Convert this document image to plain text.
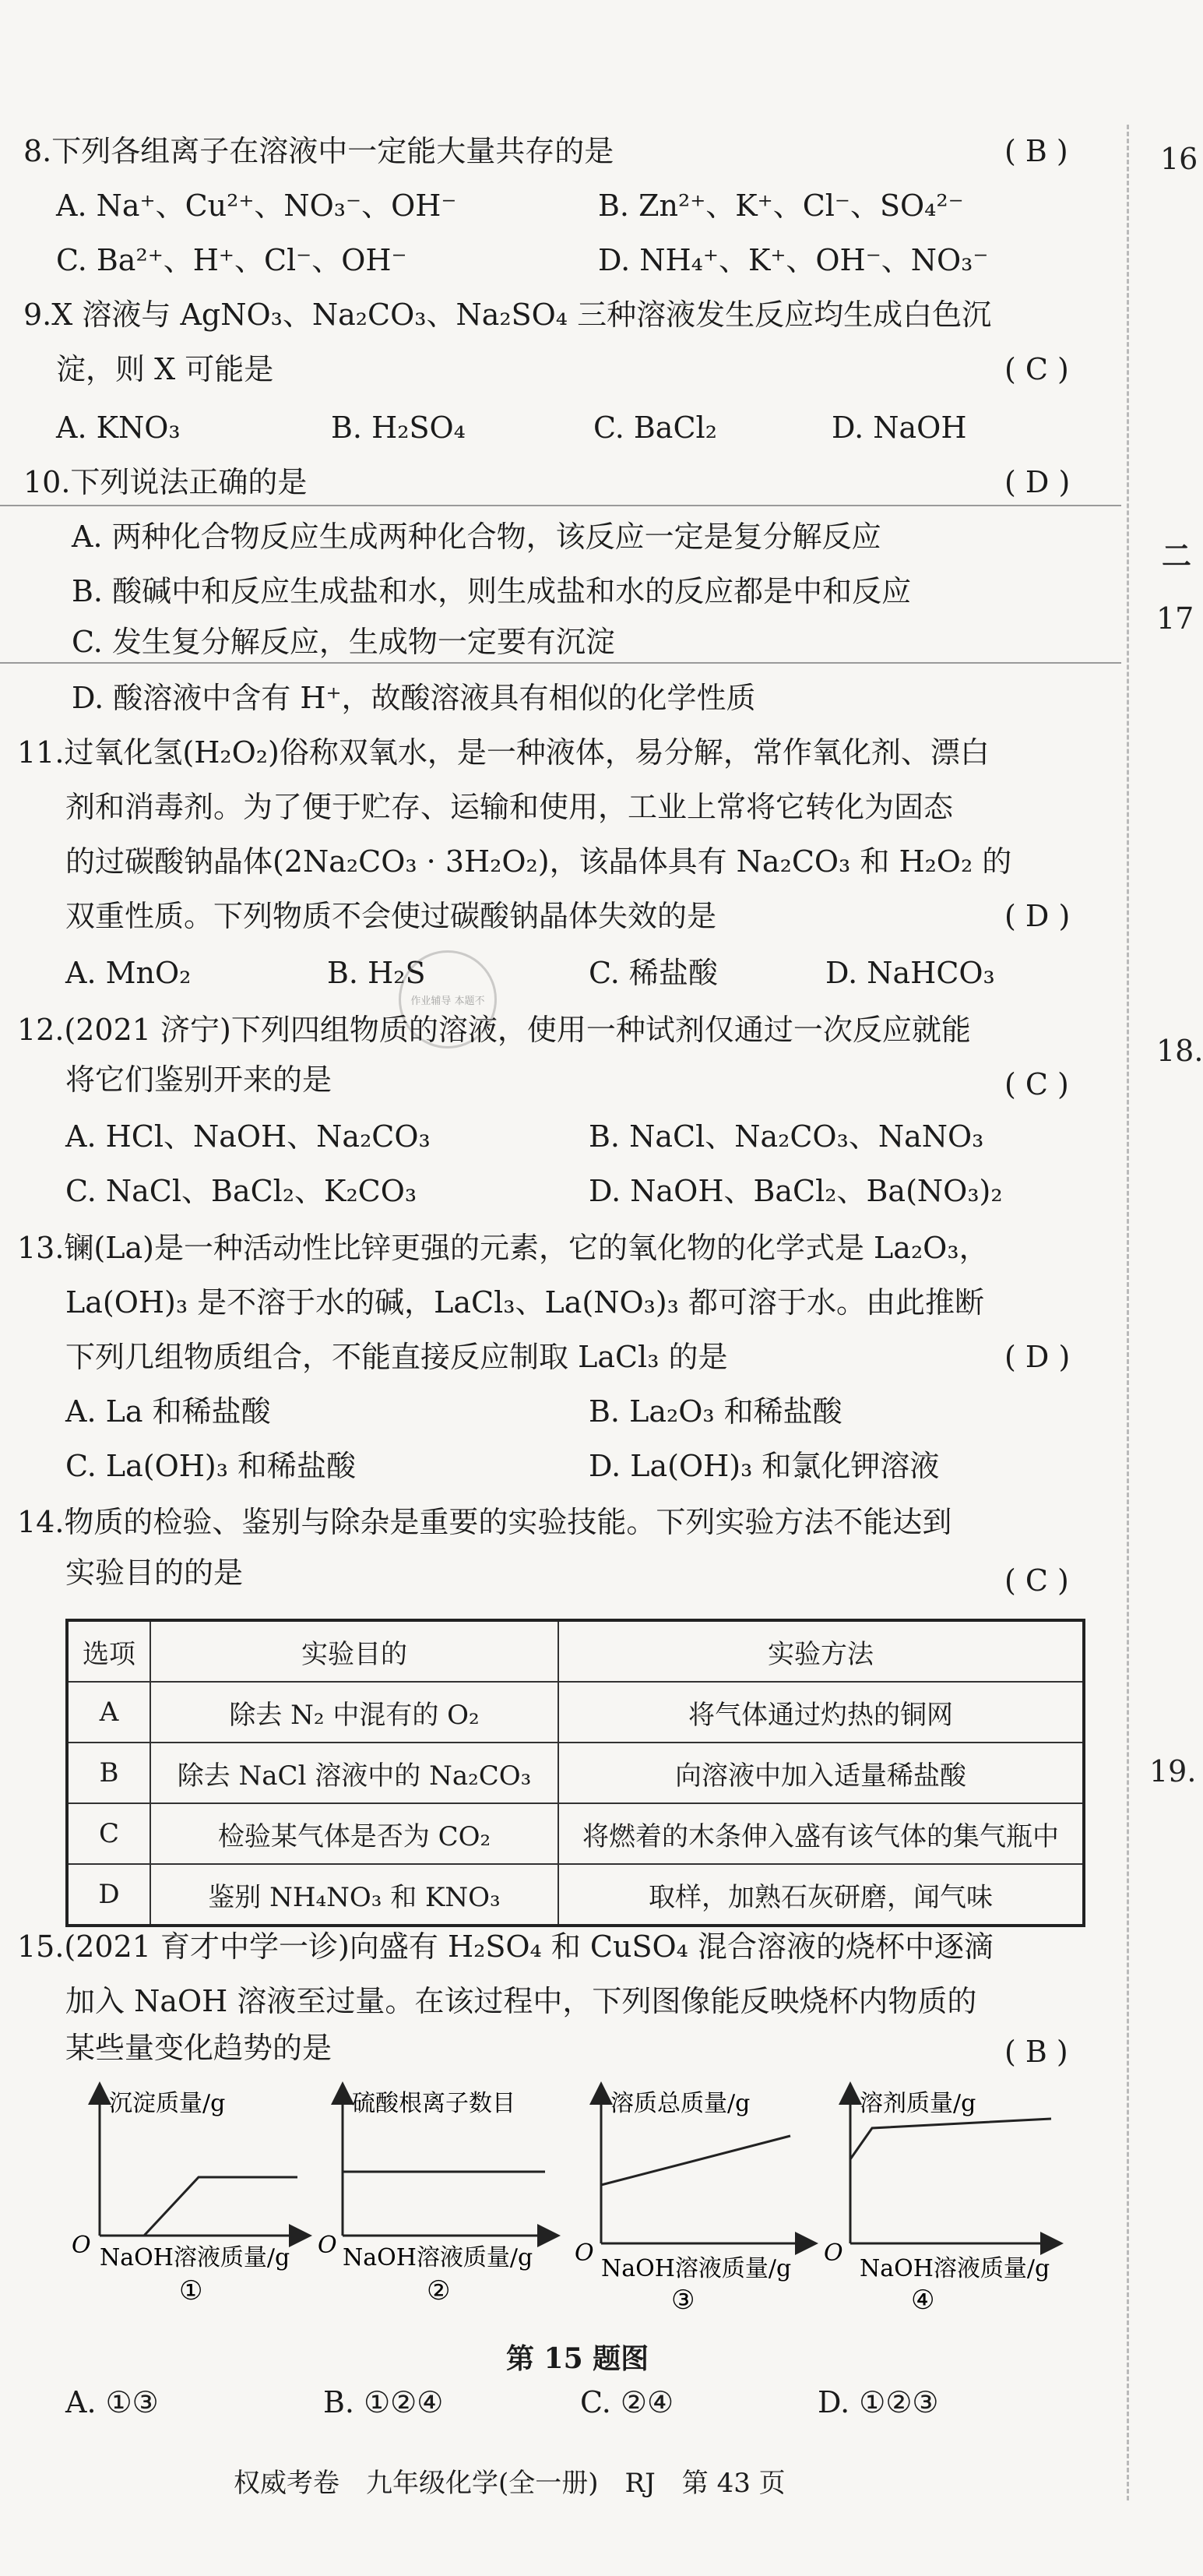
16
二
17
18.
19.
8.下列各组离子在溶液中一定能大量共存的是	( B )
A. Na⁺、Cu²⁺、NO₃⁻、OH⁻	B. Zn²⁺、K⁺、Cl⁻、SO₄²⁻
C. Ba²⁺、H⁺、Cl⁻、OH⁻	D. NH₄⁺、K⁺、OH⁻、NO₃⁻
9.X 溶液与 AgNO₃、Na₂CO₃、Na₂SO₄ 三种溶液发生反应均生成白色沉
淀，则 X 可能是	( C )
A. KNO₃	B. H₂SO₄	C. BaCl₂	D. NaOH
10.下列说法正确的是	( D )
A. 两种化合物反应生成两种化合物，该反应一定是复分解反应
B. 酸碱中和反应生成盐和水，则生成盐和水的反应都是中和反应
C. 发生复分解反应，生成物一定要有沉淀
D. 酸溶液中含有 H⁺，故酸溶液具有相似的化学性质
11.过氧化氢(H₂O₂)俗称双氧水，是一种液体，易分解，常作氧化剂、漂白
剂和消毒剂。为了便于贮存、运输和使用，工业上常将它转化为固态
的过碳酸钠晶体(2Na₂CO₃ · 3H₂O₂)，该晶体具有 Na₂CO₃ 和 H₂O₂ 的
双重性质。下列物质不会使过碳酸钠晶体失效的是	( D )
A. MnO₂	B. H₂S	C. 稀盐酸	D. NaHCO₃
作业辅导 本题不
12.(2021 济宁)下列四组物质的溶液，使用一种试剂仅通过一次反应就能
将它们鉴别开来的是	( C )
A. HCl、NaOH、Na₂CO₃	B. NaCl、Na₂CO₃、NaNO₃
C. NaCl、BaCl₂、K₂CO₃	D. NaOH、BaCl₂、Ba(NO₃)₂
13.镧(La)是一种活动性比锌更强的元素，它的氧化物的化学式是 La₂O₃，
La(OH)₃ 是不溶于水的碱，LaCl₃、La(NO₃)₃ 都可溶于水。由此推断
下列几组物质组合，不能直接反应制取 LaCl₃ 的是	( D )
A. La 和稀盐酸	B. La₂O₃ 和稀盐酸
C. La(OH)₃ 和稀盐酸	D. La(OH)₃ 和氯化钾溶液
14.物质的检验、鉴别与除杂是重要的实验技能。下列实验方法不能达到
实验目的的是	( C )
选项	实验目的	实验方法
A	除去 N₂ 中混有的 O₂	将气体通过灼热的铜网
B	除去 NaCl 溶液中的 Na₂CO₃	向溶液中加入适量稀盐酸
C	检验某气体是否为 CO₂	将燃着的木条伸入盛有该气体的集气瓶中
D	鉴别 NH₄NO₃ 和 KNO₃	取样，加熟石灰研磨，闻气味
15.(2021 育才中学一诊)向盛有 H₂SO₄ 和 CuSO₄ 混合溶液的烧杯中逐滴
加入 NaOH 溶液至过量。在该过程中，下列图像能反映烧杯内物质的
某些量变化趋势的是	( B )
沉淀质量/g
O NaOH溶液质量/g
①
硫酸根离子数目
O NaOH溶液质量/g
②
溶质总质量/g
O
NaOH溶液质量/g
③
溶剂质量/g
O
NaOH溶液质量/g
④
第 15 题图
A. ①③	B. ①②④	C. ②④	D. ①②③
权威考卷　九年级化学(全一册)　RJ　第 43 页
